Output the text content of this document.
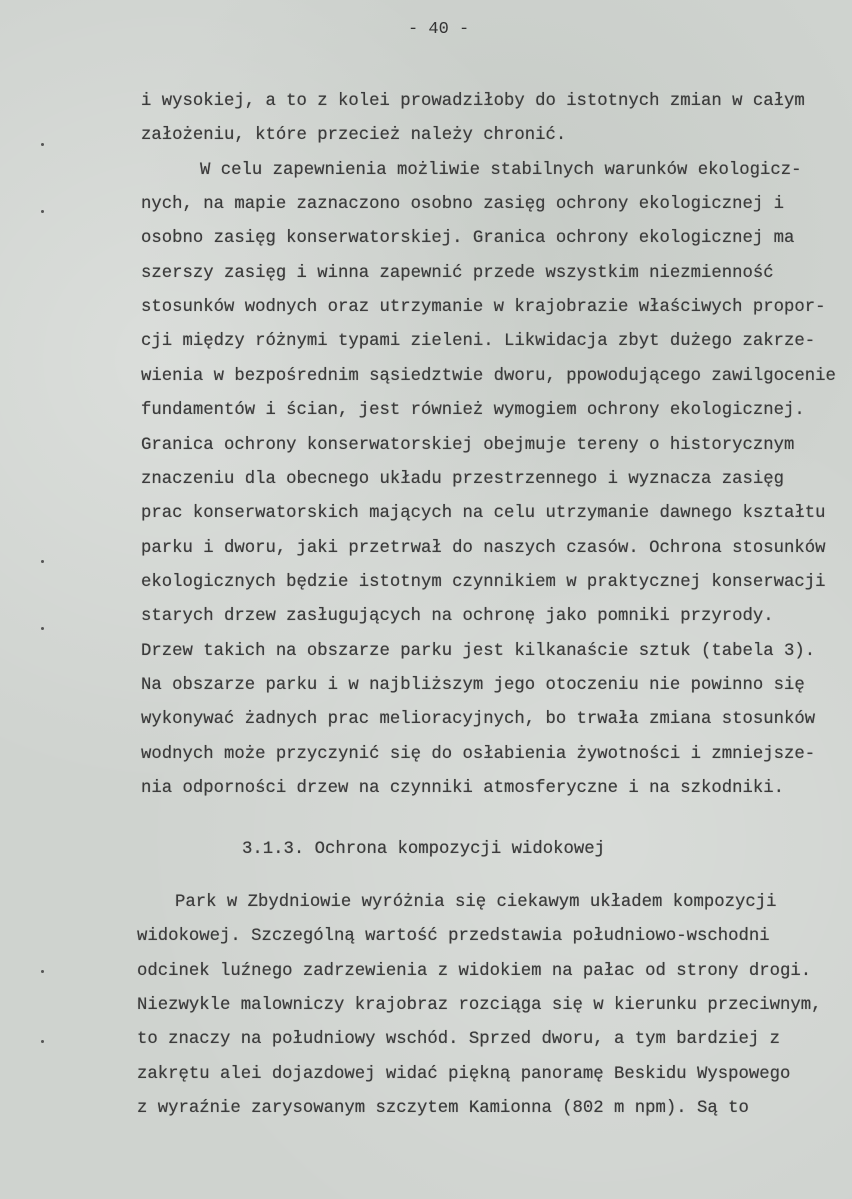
- 40 -
i wysokiej, a to z kolei prowadziłoby do istotnych zmian w całym
założeniu, które przecież należy chronić.
W celu zapewnienia możliwie stabilnych warunków ekologicz-
nych, na mapie zaznaczono osobno zasięg ochrony ekologicznej i
osobno zasięg konserwatorskiej. Granica ochrony ekologicznej ma
szerszy zasięg i winna zapewnić przede wszystkim niezmienność
stosunków wodnych oraz utrzymanie w krajobrazie właściwych propor-
cji między różnymi typami zieleni. Likwidacja zbyt dużego zakrze-
wienia w bezpośrednim sąsiedztwie dworu, ppowodującego zawilgocenie
fundamentów i ścian, jest również wymogiem ochrony ekologicznej.
Granica ochrony konserwatorskiej obejmuje tereny o historycznym
znaczeniu dla obecnego układu przestrzennego i wyznacza zasięg
prac konserwatorskich mających na celu utrzymanie dawnego kształtu
parku i dworu, jaki przetrwał do naszych czasów. Ochrona stosunków
ekologicznych będzie istotnym czynnikiem w praktycznej konserwacji
starych drzew zasługujących na ochronę jako pomniki przyrody.
Drzew takich na obszarze parku jest kilkanaście sztuk (tabela 3).
Na obszarze parku i w najbliższym jego otoczeniu nie powinno się
wykonywać żadnych prac melioracyjnych, bo trwała zmiana stosunków
wodnych może przyczynić się do osłabienia żywotności i zmniejsze-
nia odporności drzew na czynniki atmosferyczne i na szkodniki.
3.1.3. Ochrona kompozycji widokowej
Park w Zbydniowie wyróżnia się ciekawym układem kompozycji
widokowej. Szczególną wartość przedstawia południowo-wschodni
odcinek luźnego zadrzewienia z widokiem na pałac od strony drogi.
Niezwykle malowniczy krajobraz rozciąga się w kierunku przeciwnym,
to znaczy na południowy wschód. Sprzed dworu, a tym bardziej z
zakrętu alei dojazdowej widać piękną panoramę Beskidu Wyspowego
z wyraźnie zarysowanym szczytem Kamionna (802 m npm). Są to
